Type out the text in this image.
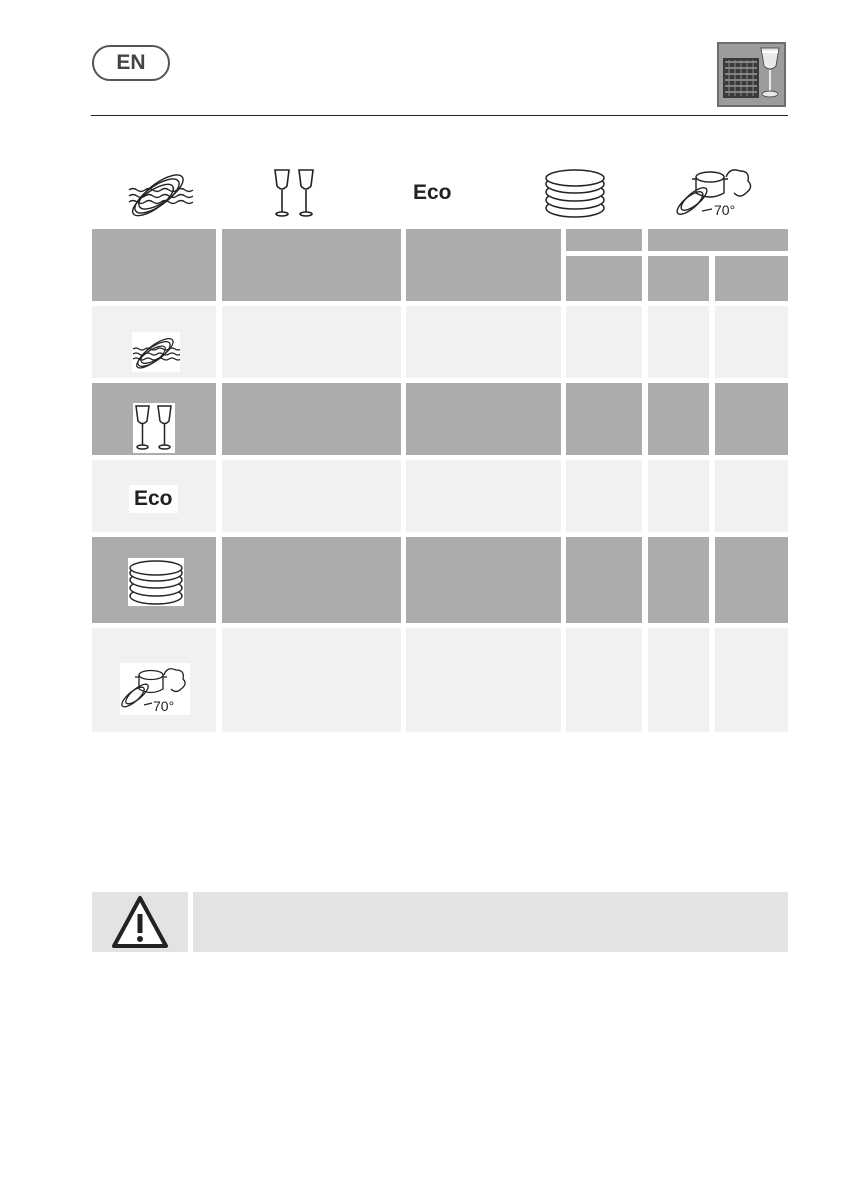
EN
Eco
70°
Eco
70°
